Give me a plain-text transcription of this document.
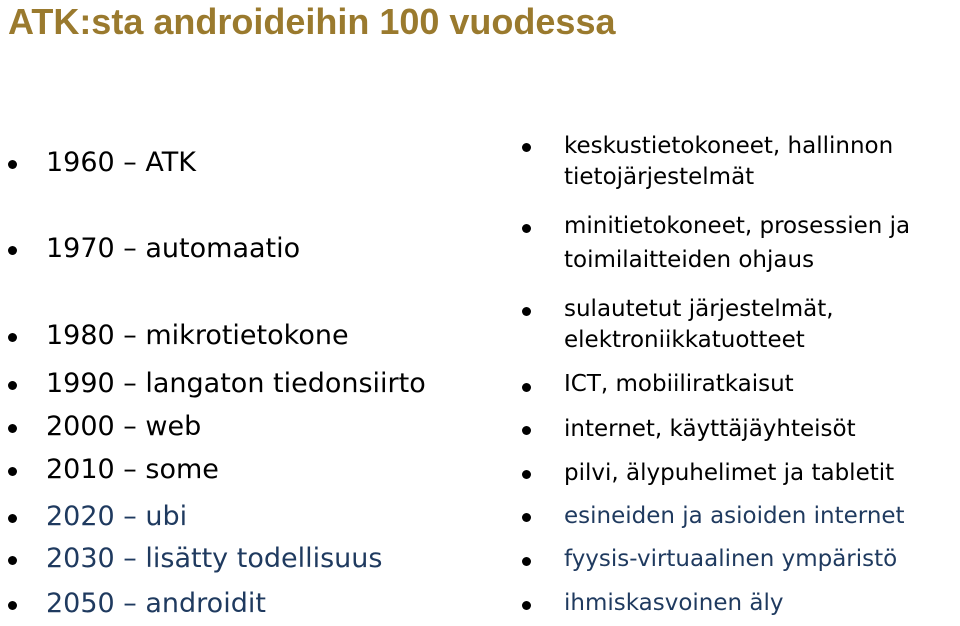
ATK:sta androideihin 100 vuodessa
1960 – ATK
1970 – automaatio
1980 – mikrotietokone
1990 – langaton tiedonsiirto
2000 – web
2010 – some
2020 – ubi
2030 – lisätty todellisuus
2050 – androidit
keskustietokoneet, hallinnon
tietojärjestelmät
minitietokoneet, prosessien ja
toimilaitteiden ohjaus
sulautetut järjestelmät,
elektroniikkatuotteet
ICT, mobiiliratkaisut
internet, käyttäjäyhteisöt
pilvi, älypuhelimet ja tabletit
esineiden ja asioiden internet
fyysis-virtuaalinen ympäristö
ihmiskasvoinen äly
